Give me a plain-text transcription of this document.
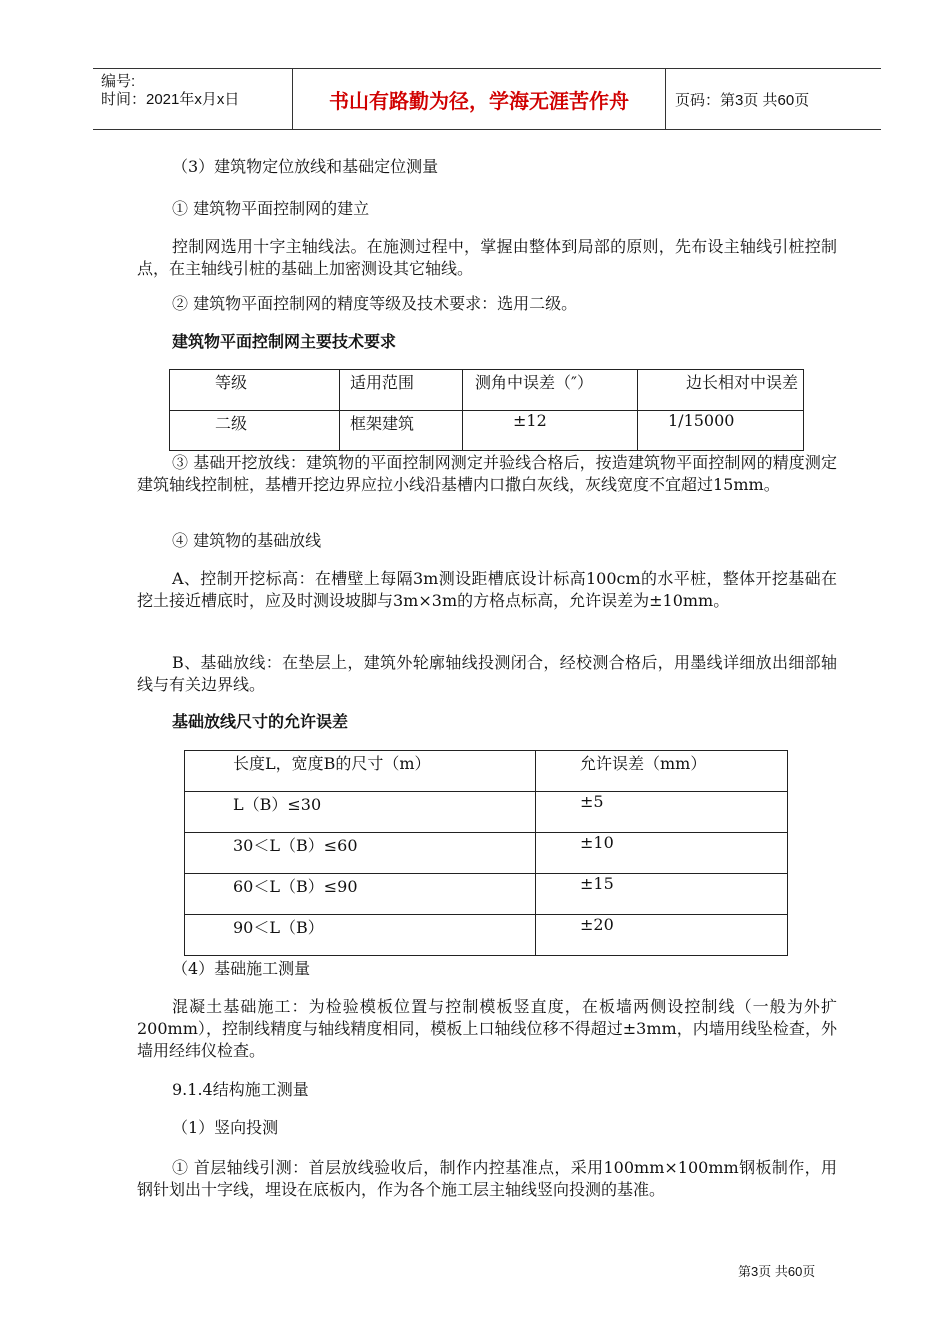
编号:
时间：2021年x月x日	书山有路勤为径，学海无涯苦作舟	页码：第3页 共60页

（3）建筑物定位放线和基础定位测量

① 建筑物平面控制网的建立

控制网选用十字主轴线法。在施测过程中，掌握由整体到局部的原则，先布设主轴线引桩控制点，在主轴线引桩的基础上加密测设其它轴线。

② 建筑物平面控制网的精度等级及技术要求：选用二级。

建筑物平面控制网主要技术要求

等级	适用范围	测角中误差（″）	边长相对中误差
二级	框架建筑	±12	1/15000

③ 基础开挖放线：建筑物的平面控制网测定并验线合格后，按造建筑物平面控制网的精度测定建筑轴线控制桩，基槽开挖边界应拉小线沿基槽内口撒白灰线，灰线宽度不宜超过15mm。

④ 建筑物的基础放线

A、控制开挖标高：在槽壁上每隔3m测设距槽底设计标高100cm的水平桩，整体开挖基础在挖土接近槽底时，应及时测设坡脚与3m×3m的方格点标高，允许误差为±10mm。

B、基础放线：在垫层上，建筑外轮廓轴线投测闭合，经校测合格后，用墨线详细放出细部轴线与有关边界线。

基础放线尺寸的允许误差

长度L，宽度B的尺寸（m）	允许误差（mm）
L（B）≤30	±5
30＜L（B）≤60	±10
60＜L（B）≤90	±15
90＜L（B）	±20

（4）基础施工测量

混凝土基础施工：为检验模板位置与控制模板竖直度，在板墙两侧设控制线（一般为外扩200mm），控制线精度与轴线精度相同，模板上口轴线位移不得超过±3mm，内墙用线坠检查，外墙用经纬仪检查。

9.1.4结构施工测量

（1）竖向投测

① 首层轴线引测：首层放线验收后，制作内控基准点，采用100mm×100mm钢板制作，用钢针划出十字线，埋设在底板内，作为各个施工层主轴线竖向投测的基准。

第3页 共60页
